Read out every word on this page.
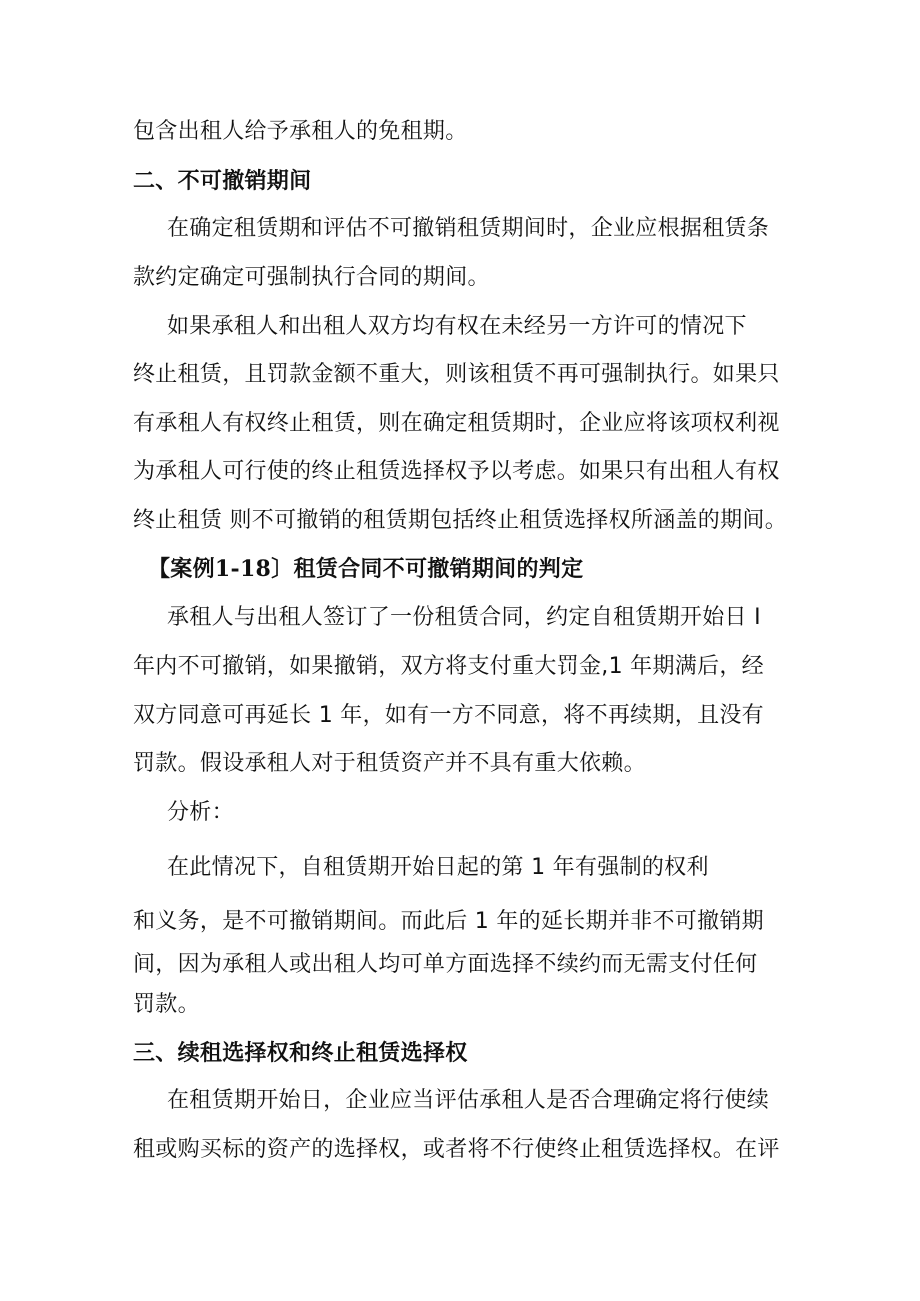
包含出租人给予承租人的免租期。
二、不可撤销期间
在确定租赁期和评估不可撤销租赁期间时，企业应根据租赁条
款约定确定可强制执行合同的期间。
如果承租人和出租人双方均有权在未经另一方许可的情况下
终止租赁，且罚款金额不重大，则该租赁不再可强制执行。如果只
有承租人有权终止租赁，则在确定租赁期时，企业应将该项权利视
为承租人可行使的终止租赁选择权予以考虑。如果只有出租人有权
终止租赁 则不可撤销的租赁期包括终止租赁选择权所涵盖的期间。
【案例1-18〕租赁合同不可撤销期间的判定
承租人与出租人签订了一份租赁合同，约定自租赁期开始日 I
年内不可撤销，如果撤销，双方将支付重大罚金,1 年期满后，经
双方同意可再延长 1 年，如有一方不同意，将不再续期，且没有
罚款。假设承租人对于租赁资产并不具有重大依赖。
分析：
在此情况下，自租赁期开始日起的第 1 年有强制的权利
和义务，是不可撤销期间。而此后 1 年的延长期并非不可撤销期
间，因为承租人或出租人均可单方面选择不续约而无需支付任何
罚款。
三、续租选择权和终止租赁选择权
在租赁期开始日，企业应当评估承租人是否合理确定将行使续
租或购买标的资产的选择权，或者将不行使终止租赁选择权。在评
